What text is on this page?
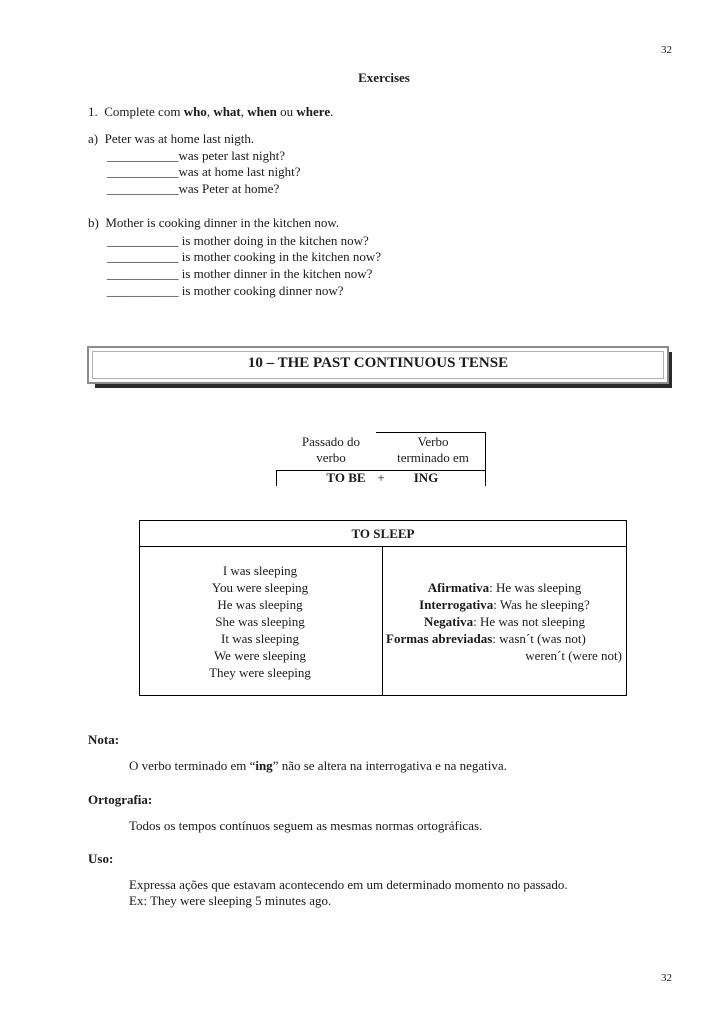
32
Exercises
1.  Complete com who, what, when ou where.
a)  Peter was at home last nigth.
___________was peter last night?
___________was at home last night?
___________was Peter at home?
b)  Mother is cooking dinner in the kitchen now.
___________ is mother doing in the kitchen now?
___________ is mother cooking in the kitchen now?
___________ is mother dinner in the kitchen now?
___________ is mother cooking dinner now?
10 – THE PAST CONTINUOUS TENSE
Passado do
verbo
Verbo
terminado em
TO BE +	ING
TO SLEEP
I was sleeping
You were sleeping
He was sleeping
She was sleeping
It was sleeping
We were sleeping
They were sleeping
Afirmativa: He was sleeping
Interrogativa: Was he sleeping?
Negativa: He was not sleeping
Formas abreviadas: wasn´t (was not)
weren´t (were not)
Nota:
O verbo terminado em “ing” não se altera na interrogativa e na negativa.
Ortografia:
Todos os tempos contínuos seguem as mesmas normas ortográficas.
Uso:
Expressa ações que estavam acontecendo em um determinado momento no passado.
Ex: They were sleeping 5 minutes ago.
32
